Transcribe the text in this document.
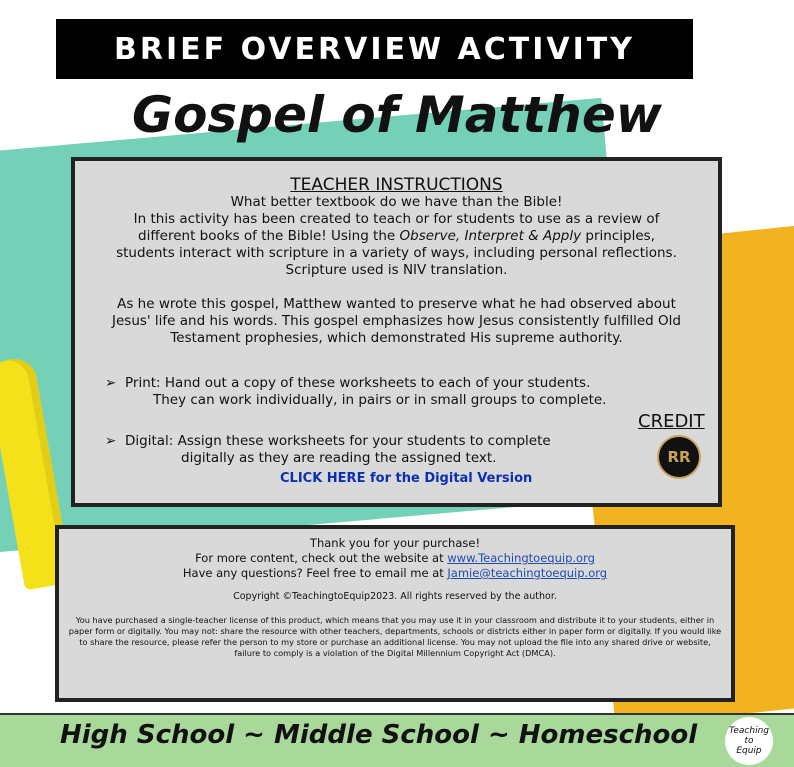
BRIEF OVERVIEW ACTIVITY
Gospel of Matthew
TEACHER INSTRUCTIONS
What better textbook do we have than the Bible!
In this activity has been created to teach or for students to use as a review of
different books of the Bible! Using the Observe, Interpret & Apply principles,
students interact with scripture in a variety of ways, including personal reflections.
Scripture used is NIV translation.
As he wrote this gospel, Matthew wanted to preserve what he had observed about
Jesus' life and his words. This gospel emphasizes how Jesus consistently fulfilled Old
Testament prophesies, which demonstrated His supreme authority.
➢ Print: Hand out a copy of these worksheets to each of your students.
They can work individually, in pairs or in small groups to complete.
➢ Digital: Assign these worksheets for your students to complete
digitally as they are reading the assigned text.
CLICK HERE for the Digital Version
CREDIT
RR
Thank you for your purchase!
For more content, check out the website at www.Teachingtoequip.org
Have any questions? Feel free to email me at Jamie@teachingtoequip.org
Copyright ©TeachingtoEquip2023. All rights reserved by the author.
You have purchased a single-teacher license of this product, which means that you may use it in your classroom and distribute it to your students, either in paper form or digitally. You may not: share the resource with other teachers, departments, schools or districts either in paper form or digitally. If you would like to share the resource, please refer the person to my store or purchase an additional license. You may not upload the file into any shared drive or website, failure to comply is a violation of the Digital Millennium Copyright Act (DMCA).
High School ~ Middle School ~ Homeschool	Teaching
to
Equip
